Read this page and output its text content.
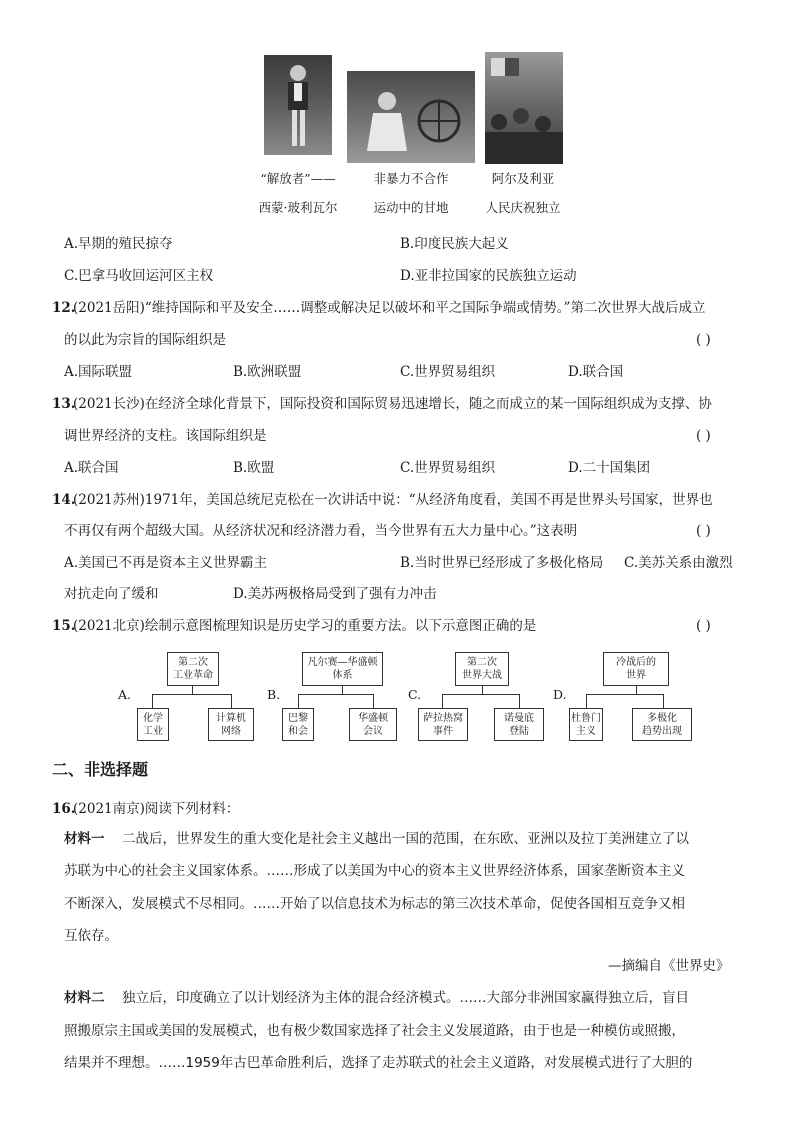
“解放者”——
西蒙·玻利瓦尔
非暴力不合作
运动中的甘地
阿尔及利亚
人民庆祝独立
A.早期的殖民掠夺	B.印度民族大起义
C.巴拿马收回运河区主权	D.亚非拉国家的民族独立运动
12.
(2021岳阳)“维持国际和平及安全……调整或解决足以破坏和平之国际争端或情势。”第二次世界大战后成立
的以此为宗旨的国际组织是	( )
A.国际联盟	B.欧洲联盟	C.世界贸易组织	D.联合国
13.
(2021长沙)在经济全球化背景下，国际投资和国际贸易迅速增长，随之而成立的某一国际组织成为支撑、协
调世界经济的支柱。该国际组织是	( )
A.联合国	B.欧盟	C.世界贸易组织	D.二十国集团
14.
(2021苏州)1971年，美国总统尼克松在一次讲话中说：“从经济角度看，美国不再是世界头号国家，世界也
不再仅有两个超级大国。从经济状况和经济潜力看，当今世界有五大力量中心。”这表明	( )
A.美国已不再是资本主义世界霸主	B.当时世界已经形成了多极化格局 C.美苏关系由激烈
对抗走向了缓和	D.美苏两极格局受到了强有力冲击
15.
(2021北京)绘制示意图梳理知识是历史学习的重要方法。以下示意图正确的是	( )
A.
第二次
工业革命
化学
工业
计算机
网络
B.
凡尔赛—华盛顿
体系
巴黎
和会
华盛顿
会议
C.
第二次
世界大战
萨拉热窝
事件
诺曼底
登陆
D.
冷战后的
世界
杜鲁门
主义
多极化
趋势出现
二、非选择题
16.
(2021南京)阅读下列材料：
材料一 二战后，世界发生的重大变化是社会主义越出一国的范围，在东欧、亚洲以及拉丁美洲建立了以
苏联为中心的社会主义国家体系。……形成了以美国为中心的资本主义世界经济体系，国家垄断资本主义
不断深入，发展模式不尽相同。……开始了以信息技术为标志的第三次技术革命，促使各国相互竞争又相
互依存。
—摘编自《世界史》
材料二 独立后，印度确立了以计划经济为主体的混合经济模式。……大部分非洲国家赢得独立后，盲目
照搬原宗主国或美国的发展模式，也有极少数国家选择了社会主义发展道路，由于也是一种模仿或照搬，
结果并不理想。……1959年古巴革命胜利后，选择了走苏联式的社会主义道路，对发展模式进行了大胆的
